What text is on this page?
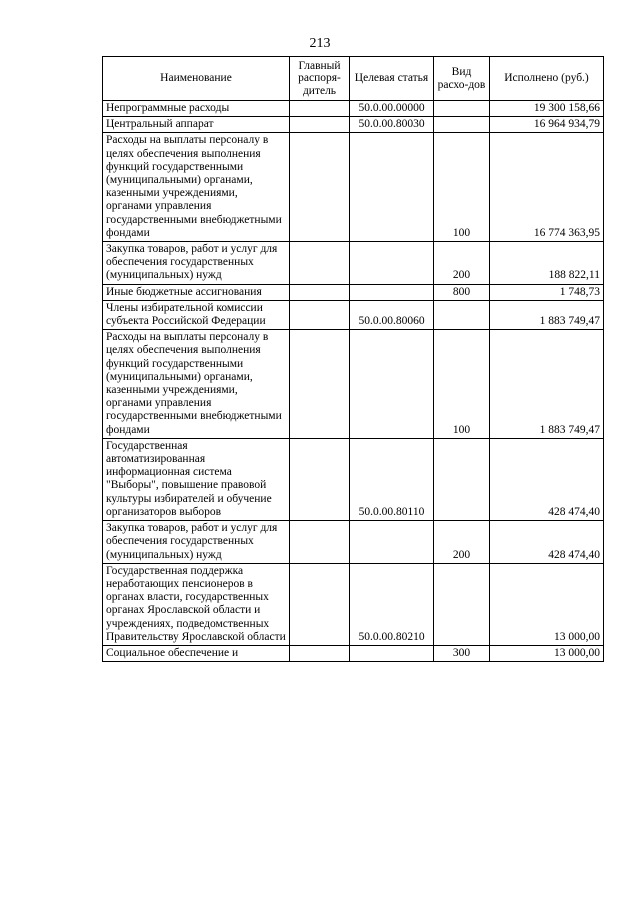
213
Наименование	Главный распоря-дитель	Целевая статья	Вид расхо-дов	Исполнено (руб.)
Непрограммные расходы		50.0.00.00000		19 300 158,66
Центральный аппарат		50.0.00.80030		16 964 934,79
Расходы на выплаты персоналу в целях обеспечения выполнения функций государственными (муниципальными) органами, казенными учреждениями, органами управления государственными внебюджетными фондами			100	16 774 363,95
Закупка товаров, работ и услуг для обеспечения государственных (муниципальных) нужд			200	188 822,11
Иные бюджетные ассигнования			800	1 748,73
Члены избирательной комиссии субъекта Российской Федерации		50.0.00.80060		1 883 749,47
Расходы на выплаты персоналу в целях обеспечения выполнения функций государственными (муниципальными) органами, казенными учреждениями, органами управления государственными внебюджетными фондами			100	1 883 749,47
Государственная автоматизированная информационная система "Выборы", повышение правовой культуры избирателей и обучение организаторов выборов		50.0.00.80110		428 474,40
Закупка товаров, работ и услуг для обеспечения государственных (муниципальных) нужд			200	428 474,40
Государственная поддержка неработающих пенсионеров в органах власти, государственных органах Ярославской области и учреждениях, подведомственных Правительству Ярославской области		50.0.00.80210		13 000,00
Социальное обеспечение и			300	13 000,00
